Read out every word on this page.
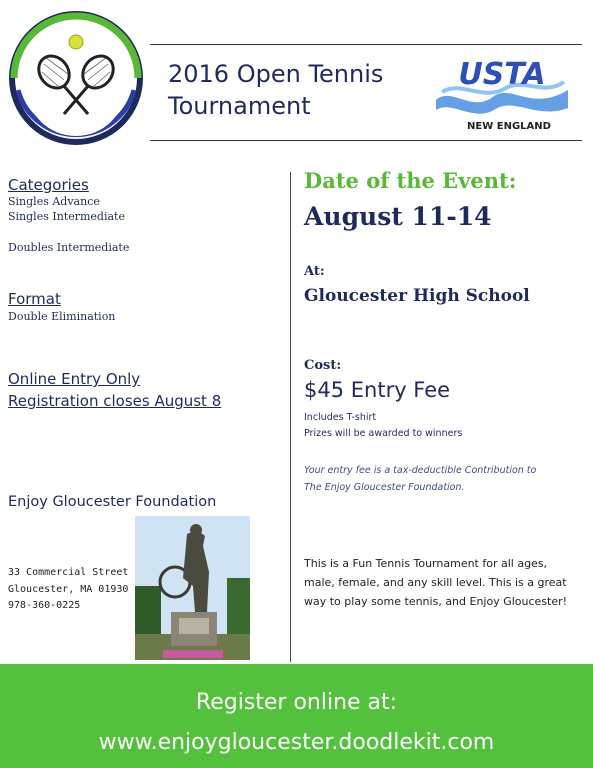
2016 Open Tennis
Tournament
USTA
NEW ENGLAND
Categories
Singles Advance
Singles Intermediate
Doubles Intermediate
Format
Double Elimination
Online Entry Only
Registration closes August 8
Enjoy Gloucester Foundation
33 Commercial Street
Gloucester, MA 01930
978-360-0225
Date of the Event:
August 11-14
At:
Gloucester High School
Cost:
$45 Entry Fee
Includes T-shirt
Prizes will be awarded to winners
Your entry fee is a tax-deductible Contribution to
The Enjoy Gloucester Foundation.
This is a Fun Tennis Tournament for all ages,
male, female, and any skill level. This is a great
way to play some tennis, and Enjoy Gloucester!
Register online at:
www.enjoygloucester.doodlekit.com
